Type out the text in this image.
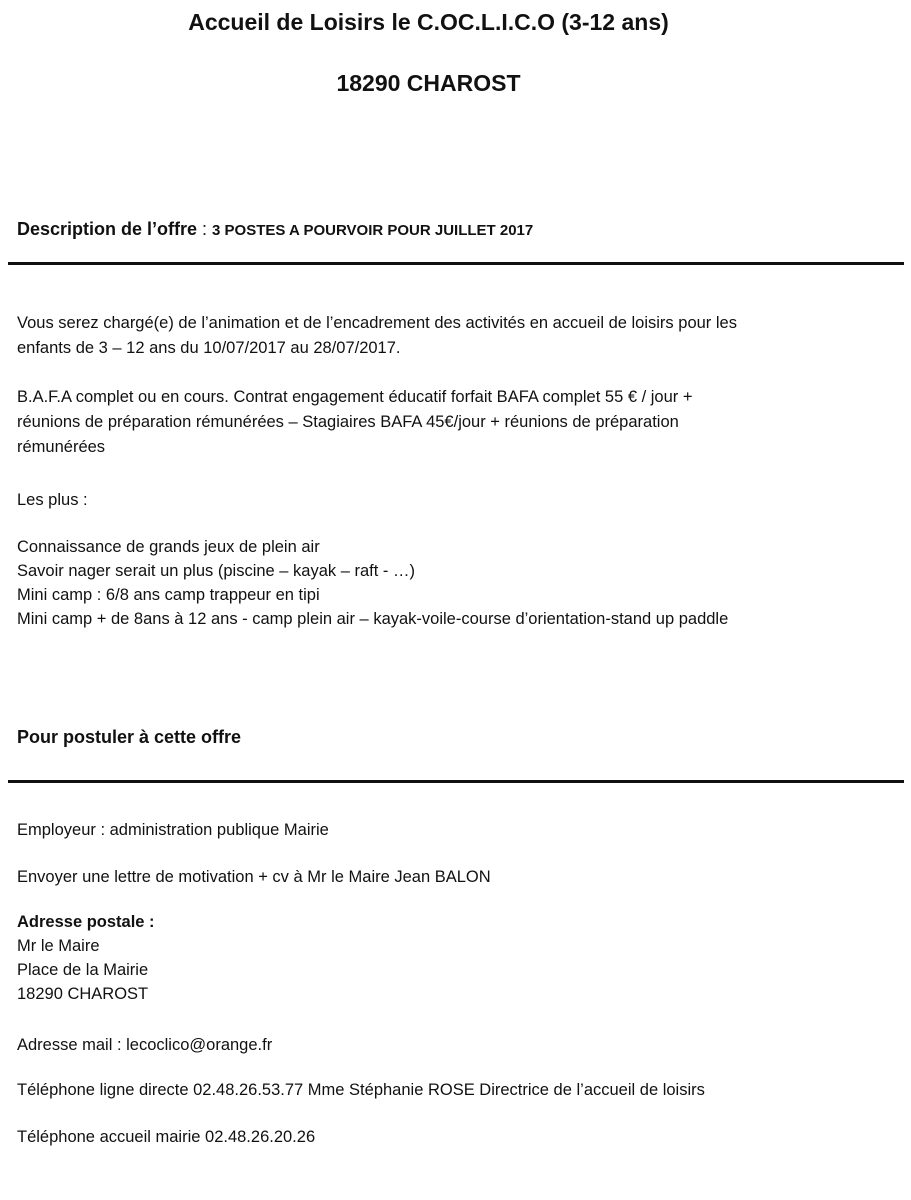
Accueil de Loisirs le C.OC.L.I.C.O (3-12 ans)
18290 CHAROST
Description de l’offre : 3 POSTES A POURVOIR POUR JUILLET 2017
Vous serez chargé(e) de l’animation et de l’encadrement des activités en accueil de loisirs pour les
enfants de 3 – 12 ans du 10/07/2017 au 28/07/2017.
B.A.F.A complet ou en cours. Contrat engagement éducatif forfait BAFA complet 55 € / jour +
réunions de préparation rémunérées – Stagiaires BAFA 45€/jour + réunions de préparation
rémunérées
Les plus :
Connaissance de grands jeux de plein air
Savoir nager serait un plus (piscine – kayak – raft - …)
Mini camp : 6/8 ans camp trappeur en tipi
Mini camp + de 8ans à 12 ans - camp plein air – kayak-voile-course d’orientation-stand up paddle
Pour postuler à cette offre
Employeur : administration publique Mairie
Envoyer une lettre de motivation + cv à Mr le Maire Jean BALON
Adresse postale :
Mr le Maire
Place de la Mairie
18290 CHAROST
Adresse mail : lecoclico@orange.fr
Téléphone ligne directe 02.48.26.53.77 Mme Stéphanie ROSE Directrice de l’accueil de loisirs
Téléphone accueil mairie 02.48.26.20.26
